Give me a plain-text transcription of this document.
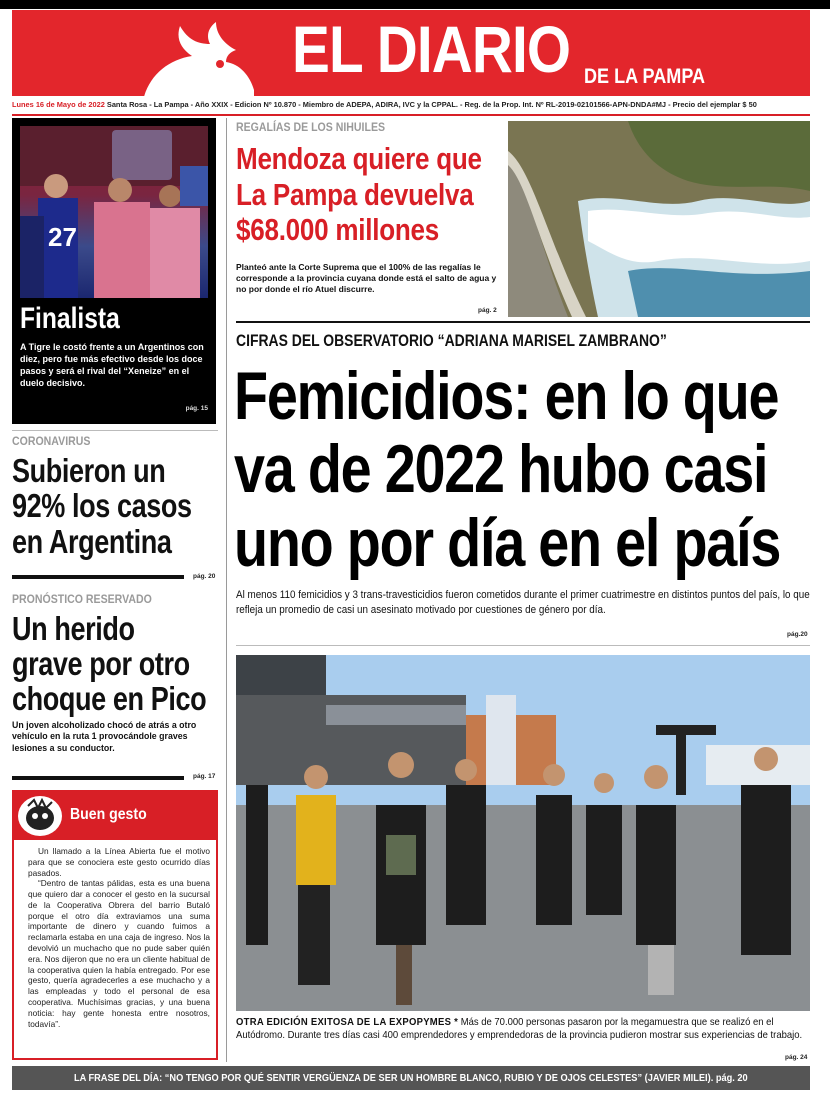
EL DIARIO DE LA PAMPA
Lunes 16 de Mayo de 2022 Santa Rosa - La Pampa - Año XXIX - Edicion Nº 10.870 - Miembro de ADEPA, ADIRA, IVC y la CPPAL. - Reg. de la Prop. Int. Nº RL-2019-02101566-APN-DNDA#MJ - Precio del ejemplar $ 50
27
Finalista
A Tigre le costó frente a un Argentinos con diez, pero fue más efectivo desde los doce pasos y será el rival del “Xeneize” en el duelo decisivo.
pág. 15
CORONAVIRUS
Subieron un 92% los casos en Argentina
pág. 20
PRONÓSTICO RESERVADO
Un herido grave por otro choque en Pico
Un joven alcoholizado chocó de atrás a otro vehículo en la ruta 1 provocándole graves lesiones a su conductor.
pág. 17
Buen gesto

Un llamado a la Línea Abierta fue el motivo para que se conociera este gesto ocurrido días pasados.

“Dentro de tantas pálidas, esta es una buena que quiero dar a conocer el gesto en la sucursal de la Cooperativa Obrera del barrio Butaló porque el otro día extraviamos una suma importante de dinero y cuando fuimos a reclamarla estaba en una caja de ingreso. Nos la devolvió un muchacho que no pude saber quién era. Nos dijeron que no era un cliente habitual de la cooperativa quien la había entregado. Por ese gesto, quería agradecerles a ese muchacho y a las empleadas y todo el personal de esa cooperativa. Muchísimas gracias, y una buena noticia: hay gente honesta entre nosotros, todavía”.

REGALÍAS DE LOS NIHUILES
Mendoza quiere que La Pampa devuelva $68.000 millones
Planteó ante la Corte Suprema que el 100% de las regalías le corresponde a la provincia cuyana donde está el salto de agua y no por donde el río Atuel discurre.
pág. 2
CIFRAS DEL OBSERVATORIO “ADRIANA MARISEL ZAMBRANO”
Femicidios: en lo que va de 2022 hubo casi uno por día en el país
Al menos 110 femicidios y 3 trans-travesticidios fueron cometidos durante el primer cuatrimestre en distintos puntos del país, lo que refleja un promedio de casi un asesinato motivado por cuestiones de género por día.
pág.20
OTRA EDICIÓN EXITOSA DE LA EXPOPYMES * Más de 70.000 personas pasaron por la megamuestra que se realizó en el Autódromo. Durante tres días casi 400 emprendedores y emprendedoras de la provincia pudieron mostrar sus experiencias de trabajo.
pág. 24
LA FRASE DEL DÍA: “NO TENGO POR QUÉ SENTIR VERGÜENZA DE SER UN HOMBRE BLANCO, RUBIO Y DE OJOS CELESTES” (JAVIER MILEI). pág. 20
